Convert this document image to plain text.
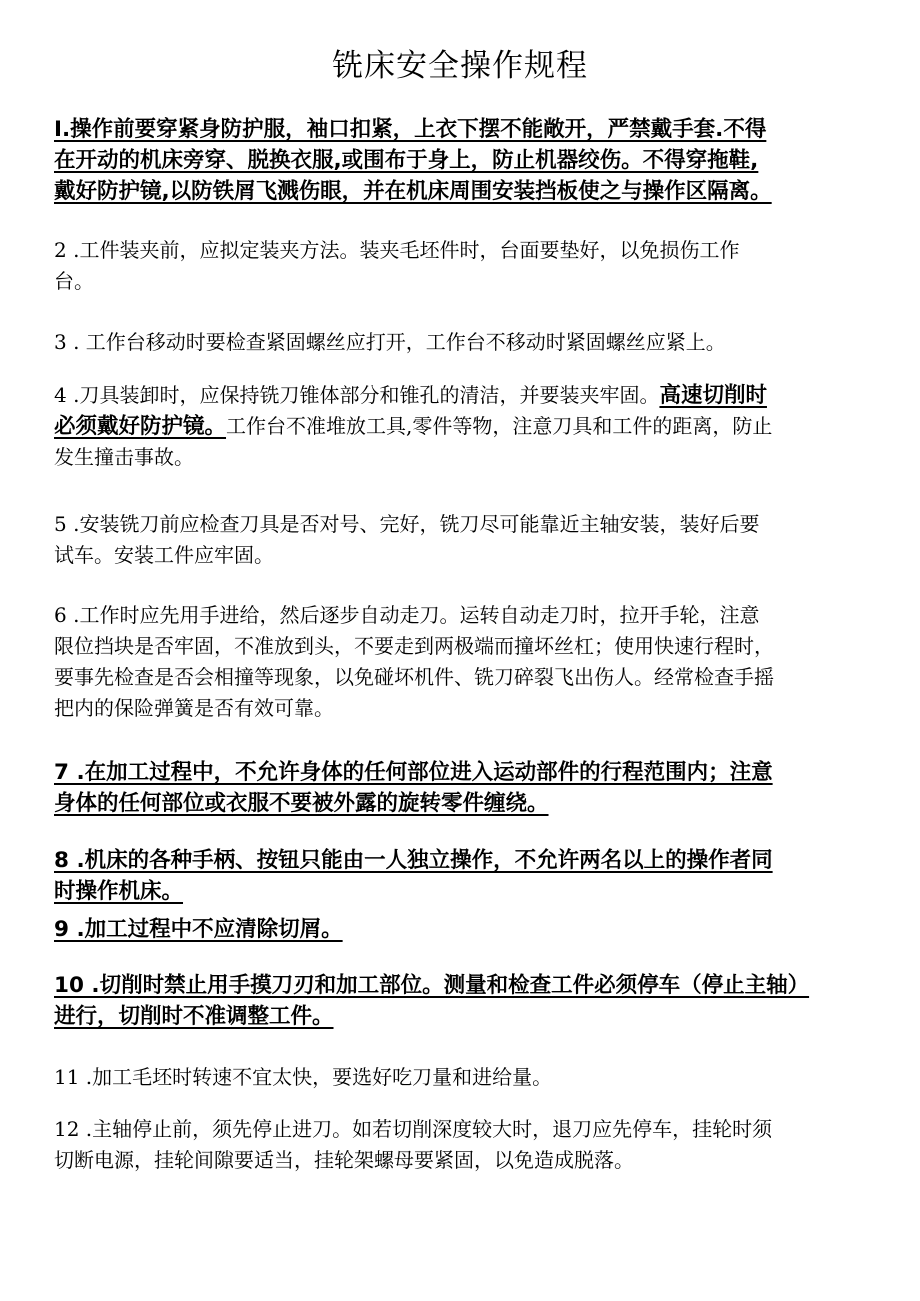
铣床安全操作规程
I.操作前要穿紧身防护服，袖口扣紧，上衣下摆不能敞开，严禁戴手套.不得
在开动的机床旁穿、脱换衣服,或围布于身上，防止机器绞伤。不得穿拖鞋,
戴好防护镜,以防铁屑飞溅伤眼，并在机床周围安装挡板使之与操作区隔离。
2 .工件装夹前，应拟定装夹方法。装夹毛坯件时，台面要垫好，以免损伤工作
台。
3 . 工作台移动时要检查紧固螺丝应打开，工作台不移动时紧固螺丝应紧上。
4 .刀具装卸时，应保持铣刀锥体部分和锥孔的清洁，并要装夹牢固。高速切削时
必须戴好防护镜。工作台不准堆放工具,零件等物，注意刀具和工件的距离，防止
发生撞击事故。
5 .安装铣刀前应检查刀具是否对号、完好，铣刀尽可能靠近主轴安装，装好后要
试车。安装工件应牢固。
6 .工作时应先用手进给，然后逐步自动走刀。运转自动走刀时，拉开手轮，注意
限位挡块是否牢固，不准放到头，不要走到两极端而撞坏丝杠；使用快速行程时，
要事先检查是否会相撞等现象，以免碰坏机件、铣刀碎裂飞出伤人。经常检查手摇
把内的保险弹簧是否有效可靠。
7 .在加工过程中，不允许身体的任何部位进入运动部件的行程范围内；注意
身体的任何部位或衣服不要被外露的旋转零件缠绕。
8 .机床的各种手柄、按钮只能由一人独立操作，不允许两名以上的操作者同
时操作机床。
9 .加工过程中不应清除切屑。
10 .切削时禁止用手摸刀刃和加工部位。测量和检查工件必须停车（停止主轴）
进行，切削时不准调整工件。
11 .加工毛坯时转速不宜太快，要选好吃刀量和进给量。
12 .主轴停止前，须先停止进刀。如若切削深度较大时，退刀应先停车，挂轮时须
切断电源，挂轮间隙要适当，挂轮架螺母要紧固，以免造成脱落。
